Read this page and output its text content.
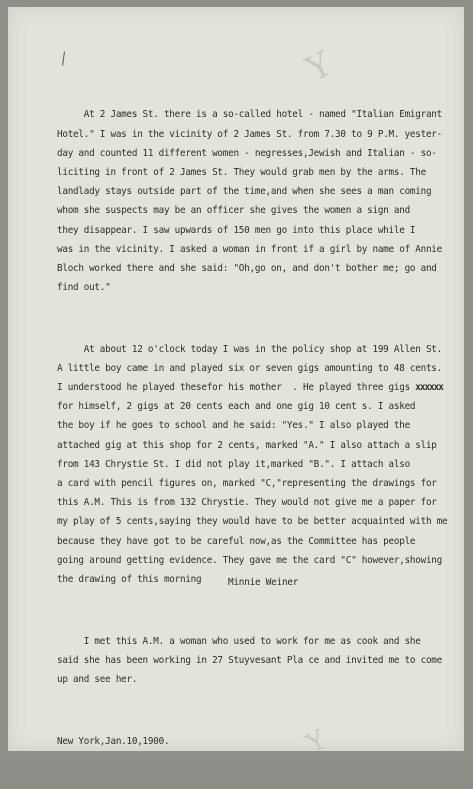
Y
Y

At 2 James St. there is a so-called hotel - named "Italian Emigrant
Hotel." I was in the vicinity of 2 James St. from 7.30 to 9 P.M. yester-
day and counted 11 different women - negresses,Jewish and Italian - so-
liciting in front of 2 James St. They would grab men by the arms. The
landlady stays outside part of the time,and when she sees a man coming
whom she suspects may be an officer she gives the women a sign and
they disappear. I saw upwards of 150 men go into this place while I
was in the vicinity. I asked a woman in front if a girl by name of Annie
Bloch worked there and she said: "Oh,go on, and don't bother me; go and
find out."

At about 12 o'clock today I was in the policy shop at 199 Allen St.
A little boy came in and played six or seven gigs amounting to 48 cents.
I understood he played thesefor his mother  . He played three gigs xxxxxx
for himself, 2 gigs at 20 cents each and one gig 10 cent s. I asked
the boy if he goes to school and he said: "Yes." I also played the
attached gig at this shop for 2 cents, marked "A." I also attach a slip
from 143 Chrystie St. I did not play it,marked "B.". I attach also
a card with pencil figures on, marked "C,"representing the drawings for
this A.M. This is from 132 Chrystie. They would not give me a paper for
my play of 5 cents,saying they would have to be better acquainted with me
because they have got to be careful now,as the Committee has people
going around getting evidence. They gave me the card "C" however,showing
the drawing of this morning

I met this A.M. a woman who used to work for me as cook and she
said she has been working in 27 Stuyvesant Pla ce and invited me to come
up and see her.

New York,Jan.10,1900.

Minnie Weiner
